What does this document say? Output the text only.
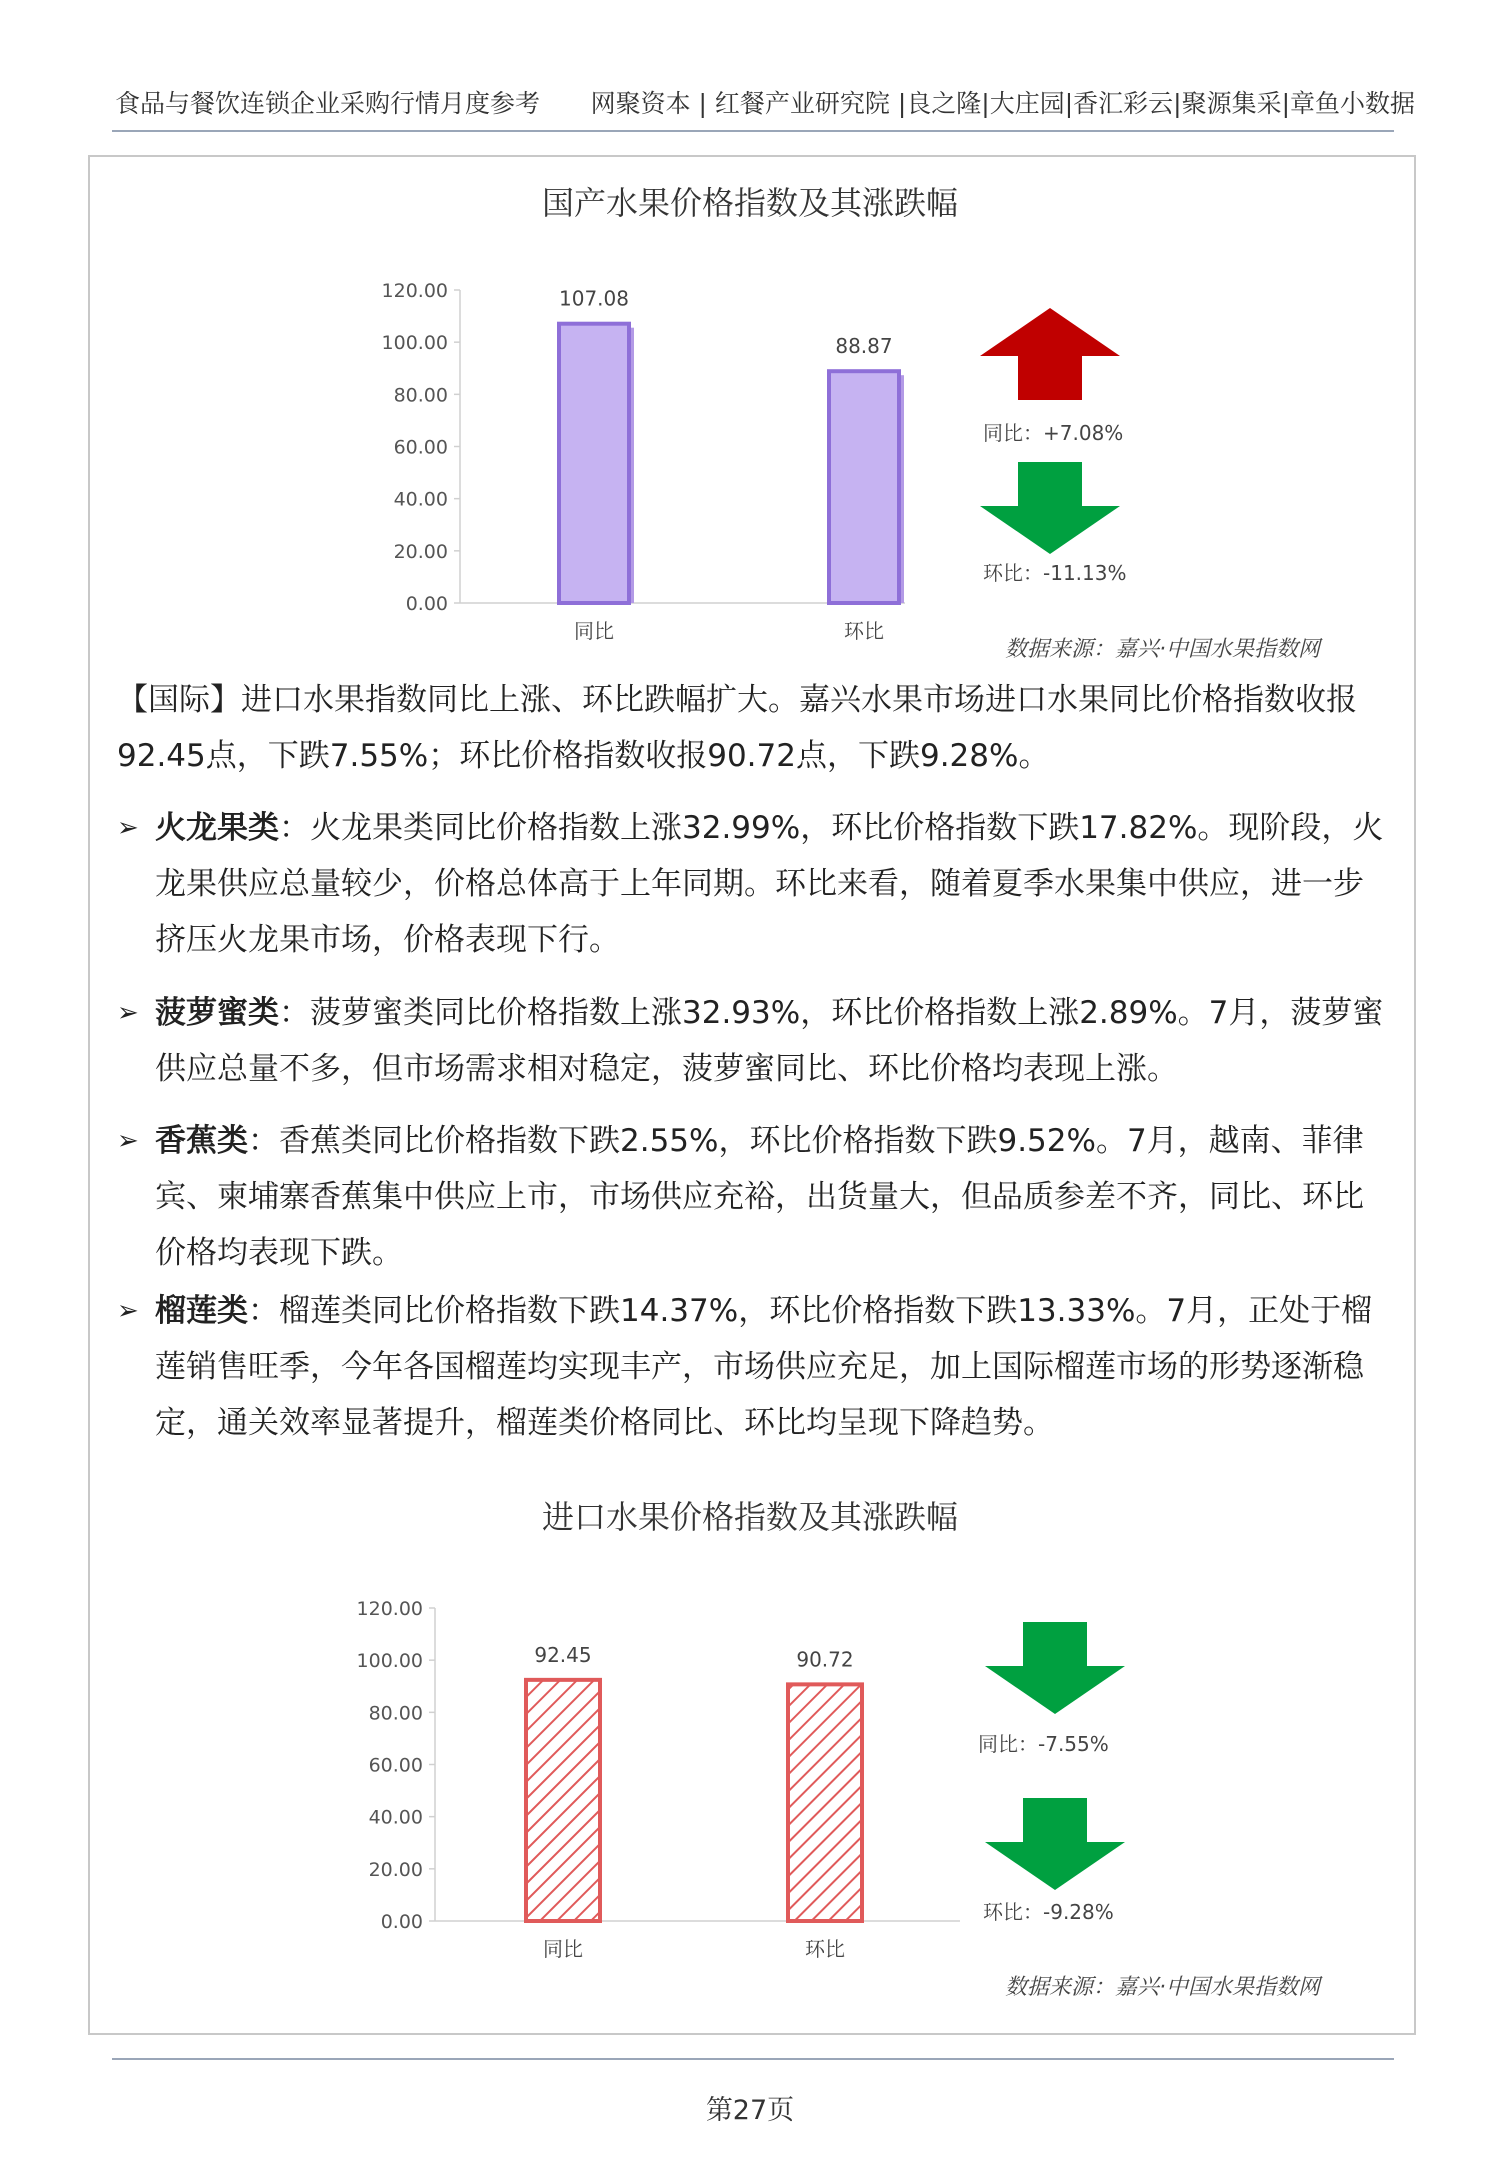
食品与餐饮连锁企业采购行情月度参考 网聚资本 | 红餐产业研究院 |良之隆|大庄园|香汇彩云|聚源集采|章鱼小数据
国产水果价格指数及其涨跌幅
120.00
100.00
80.00
60.00
40.00
20.00
0.00
107.08
同比
88.87
环比
同比：+7.08%
环比：-11.13%
数据来源：嘉兴·中国水果指数网
【国际】进口水果指数同比上涨、环比跌幅扩大。嘉兴水果市场进口水果同比价格指数收报92.45点，下跌7.55%；环比价格指数收报90.72点，下跌9.28%。
➢ 火龙果类：火龙果类同比价格指数上涨32.99%，环比价格指数下跌17.82%。现阶段，火龙果供应总量较少，价格总体高于上年同期。环比来看，随着夏季水果集中供应，进一步挤压火龙果市场，价格表现下行。
➢ 菠萝蜜类：菠萝蜜类同比价格指数上涨32.93%，环比价格指数上涨2.89%。7月，菠萝蜜供应总量不多，但市场需求相对稳定，菠萝蜜同比、环比价格均表现上涨。
➢ 香蕉类：香蕉类同比价格指数下跌2.55%，环比价格指数下跌9.52%。7月，越南、菲律宾、柬埔寨香蕉集中供应上市，市场供应充裕，出货量大，但品质参差不齐，同比、环比价格均表现下跌。
➢ 榴莲类：榴莲类同比价格指数下跌14.37%，环比价格指数下跌13.33%。7月，正处于榴莲销售旺季，今年各国榴莲均实现丰产，市场供应充足，加上国际榴莲市场的形势逐渐稳定，通关效率显著提升，榴莲类价格同比、环比均呈现下降趋势。
进口水果价格指数及其涨跌幅
120.00
100.00
80.00
60.00
40.00
20.00
0.00
92.45
同比
90.72
环比
同比：-7.55%
环比：-9.28%
数据来源：嘉兴·中国水果指数网
第27页
